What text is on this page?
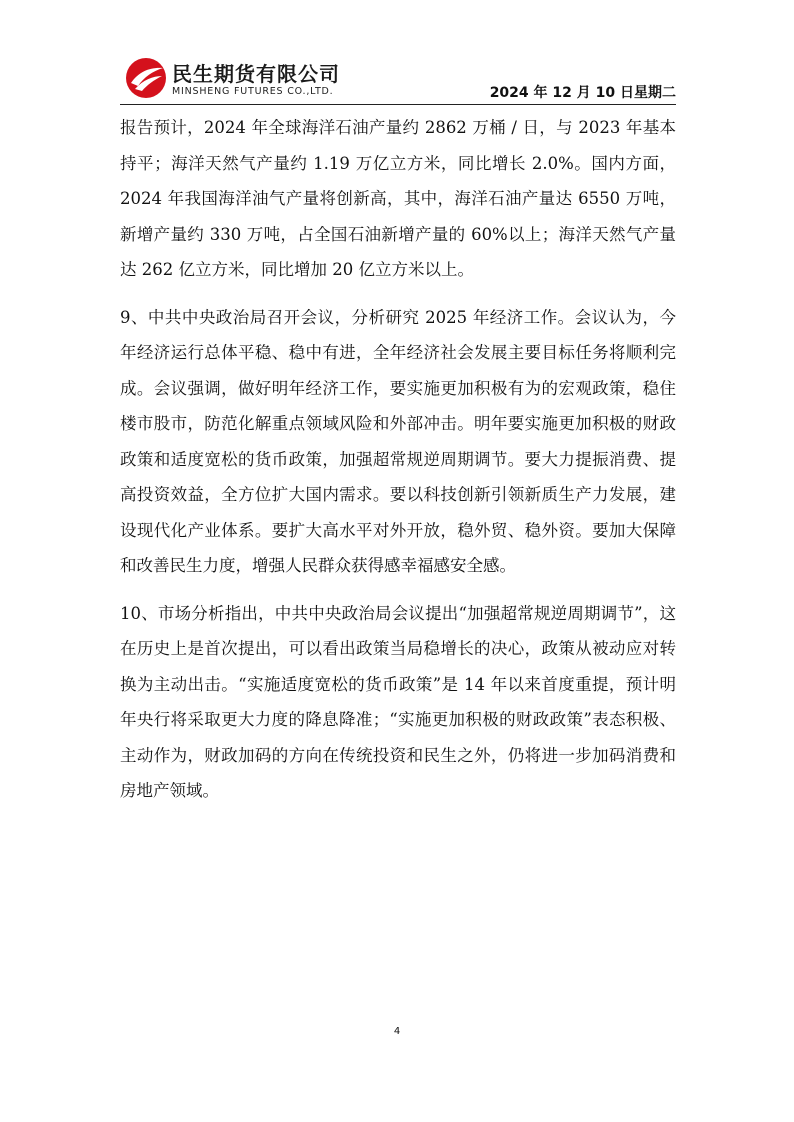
民生期货有限公司
MINSHENG FUTURES CO.,LTD.	2024 年 12 月 10 日星期二

报告预计，2024 年全球海洋石油产量约 2862 万桶 / 日，与 2023 年基本持平；海洋天然气产量约 1.19 万亿立方米，同比增长 2.0%。国内方面，2024 年我国海洋油气产量将创新高，其中，海洋石油产量达 6550 万吨，新增产量约 330 万吨，占全国石油新增产量的 60%以上；海洋天然气产量达 262 亿立方米，同比增加 20 亿立方米以上。

9、中共中央政治局召开会议，分析研究 2025 年经济工作。会议认为，今年经济运行总体平稳、稳中有进，全年经济社会发展主要目标任务将顺利完成。会议强调，做好明年经济工作，要实施更加积极有为的宏观政策，稳住楼市股市，防范化解重点领域风险和外部冲击。明年要实施更加积极的财政政策和适度宽松的货币政策，加强超常规逆周期调节。要大力提振消费、提高投资效益，全方位扩大国内需求。要以科技创新引领新质生产力发展，建设现代化产业体系。要扩大高水平对外开放，稳外贸、稳外资。要加大保障和改善民生力度，增强人民群众获得感幸福感安全感。

10、市场分析指出，中共中央政治局会议提出“加强超常规逆周期调节”，这在历史上是首次提出，可以看出政策当局稳增长的决心，政策从被动应对转换为主动出击。“实施适度宽松的货币政策”是 14 年以来首度重提，预计明年央行将采取更大力度的降息降准；“实施更加积极的财政政策”表态积极、主动作为，财政加码的方向在传统投资和民生之外，仍将进一步加码消费和房地产领域。

4
